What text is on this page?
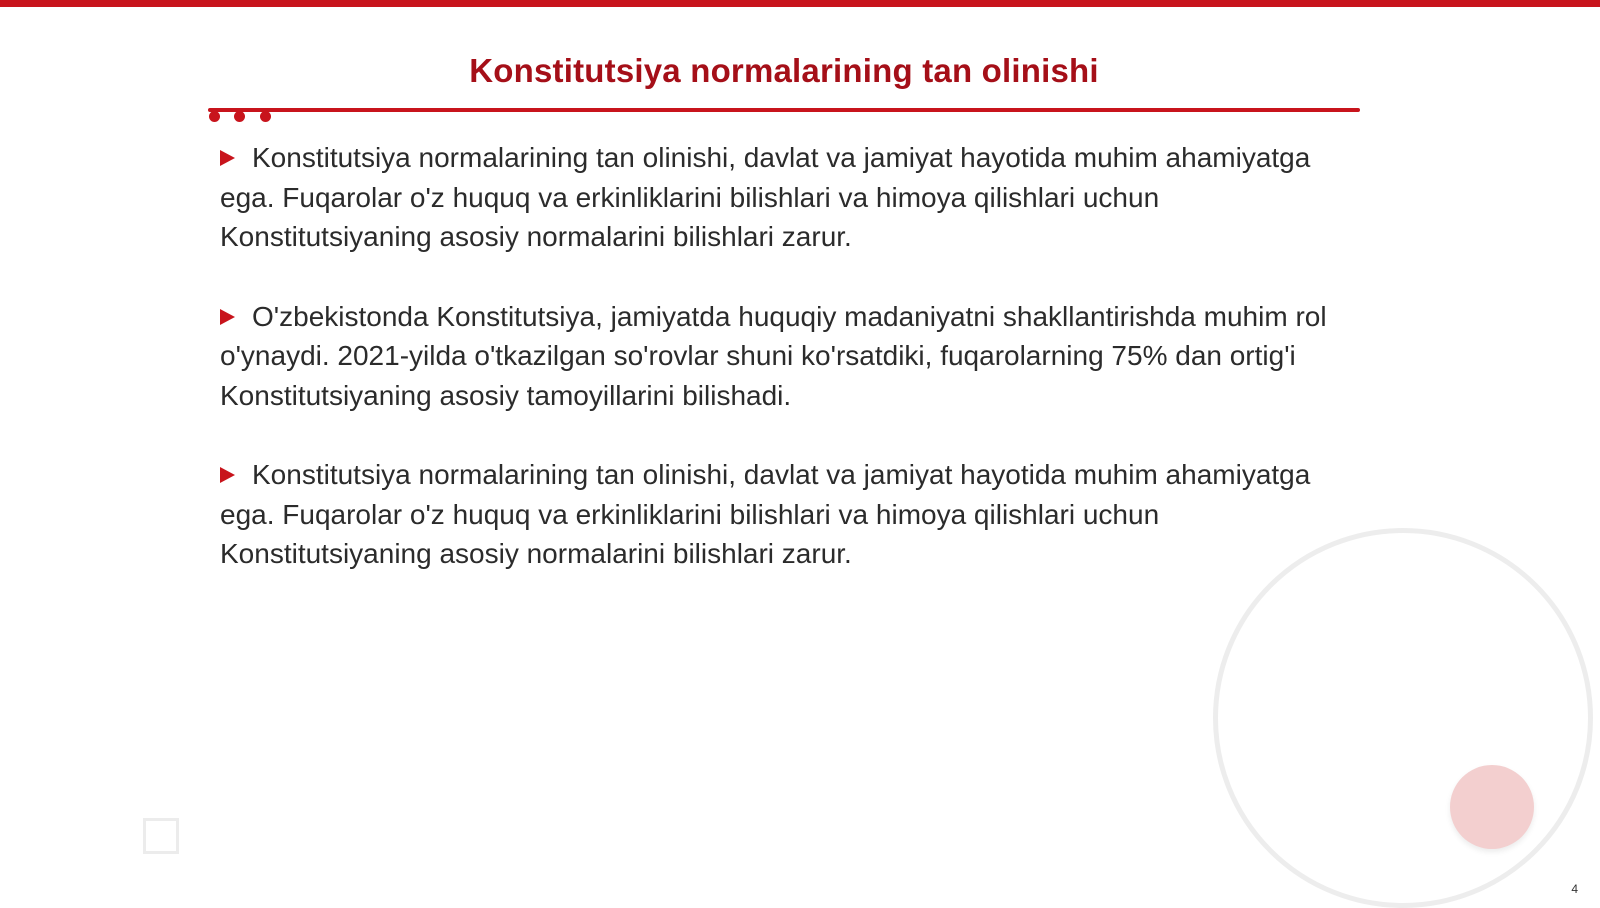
Konstitutsiya normalarining tan olinishi

Konstitutsiya normalarining tan olinishi, davlat va jamiyat hayotida muhim ahamiyatga ega. Fuqarolar o'z huquq va erkinliklarini bilishlari va himoya qilishlari uchun Konstitutsiyaning asosiy normalarini bilishlari zarur.

O'zbekistonda Konstitutsiya, jamiyatda huquqiy madaniyatni shakllantirishda muhim rol o'ynaydi. 2021-yilda o'tkazilgan so'rovlar shuni ko'rsatdiki, fuqarolarning 75% dan ortig'i Konstitutsiyaning asosiy tamoyillarini bilishadi.

Konstitutsiya normalarining tan olinishi, davlat va jamiyat hayotida muhim ahamiyatga ega. Fuqarolar o'z huquq va erkinliklarini bilishlari va himoya qilishlari uchun Konstitutsiyaning asosiy normalarini bilishlari zarur.

4
